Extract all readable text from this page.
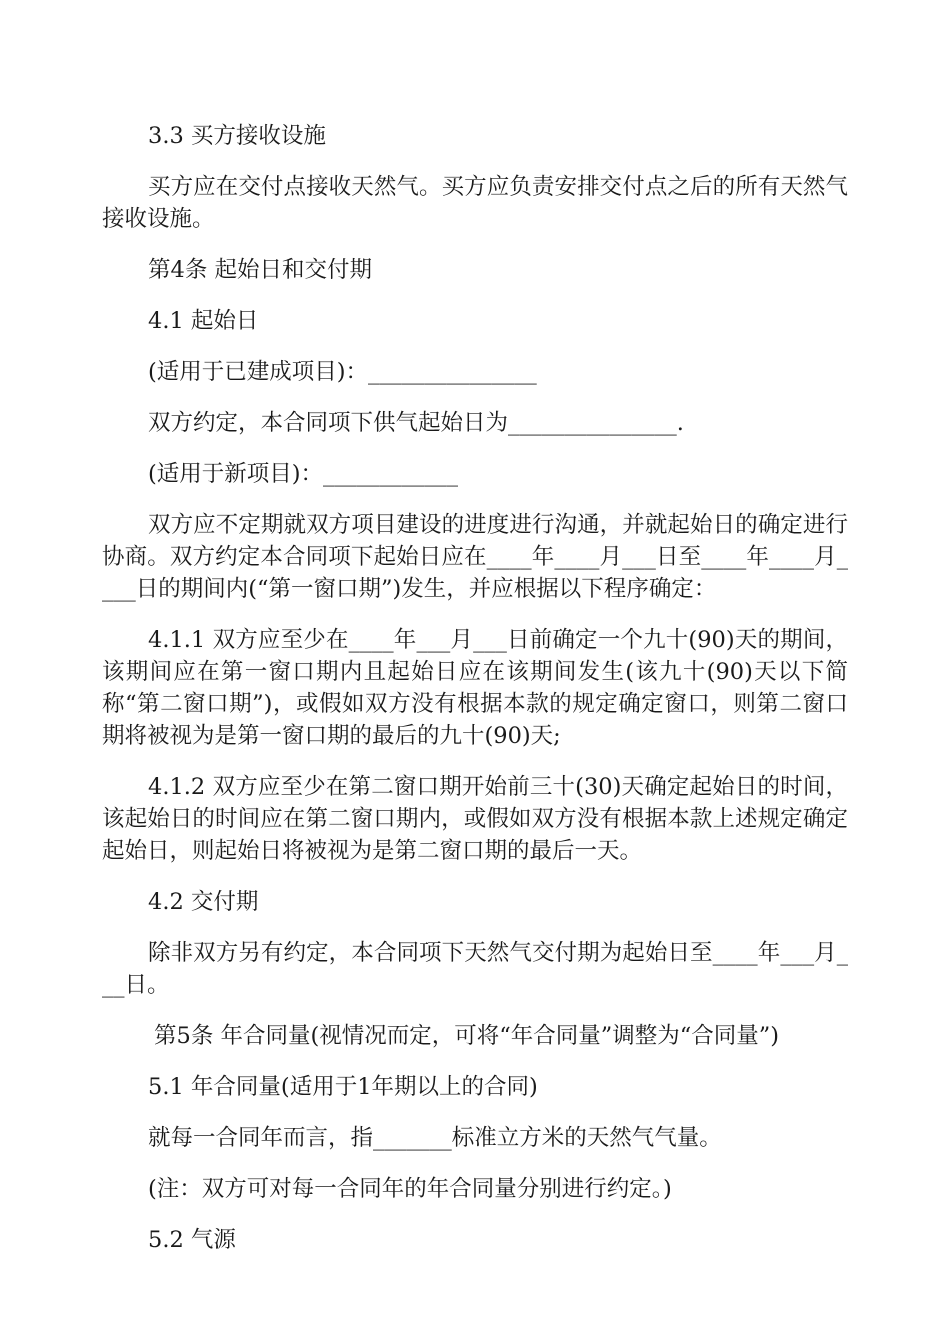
3.3 买方接收设施

买方应在交付点接收天然气。买方应负责安排交付点之后的所有天然气接收设施。

第4条 起始日和交付期

4.1 起始日

(适用于已建成项目)：_______________

双方约定，本合同项下供气起始日为_______________.

(适用于新项目)：____________

双方应不定期就双方项目建设的进度进行沟通，并就起始日的确定进行协商。双方约定本合同项下起始日应在____年____月___日至____年____月____日的期间内(“第一窗口期”)发生，并应根据以下程序确定：

4.1.1 双方应至少在____年___月___日前确定一个九十(90)天的期间，该期间应在第一窗口期内且起始日应在该期间发生(该九十(90)天以下简称“第二窗口期”)，或假如双方没有根据本款的规定确定窗口，则第二窗口期将被视为是第一窗口期的最后的九十(90)天;

4.1.2 双方应至少在第二窗口期开始前三十(30)天确定起始日的时间，该起始日的时间应在第二窗口期内，或假如双方没有根据本款上述规定确定起始日，则起始日将被视为是第二窗口期的最后一天。

4.2 交付期

除非双方另有约定，本合同项下天然气交付期为起始日至____年___月___日。

第5条 年合同量(视情况而定，可将“年合同量”调整为“合同量”)

5.1 年合同量(适用于1年期以上的合同)

就每一合同年而言，指_______标准立方米的天然气气量。

(注：双方可对每一合同年的年合同量分别进行约定。)

5.2 气源
